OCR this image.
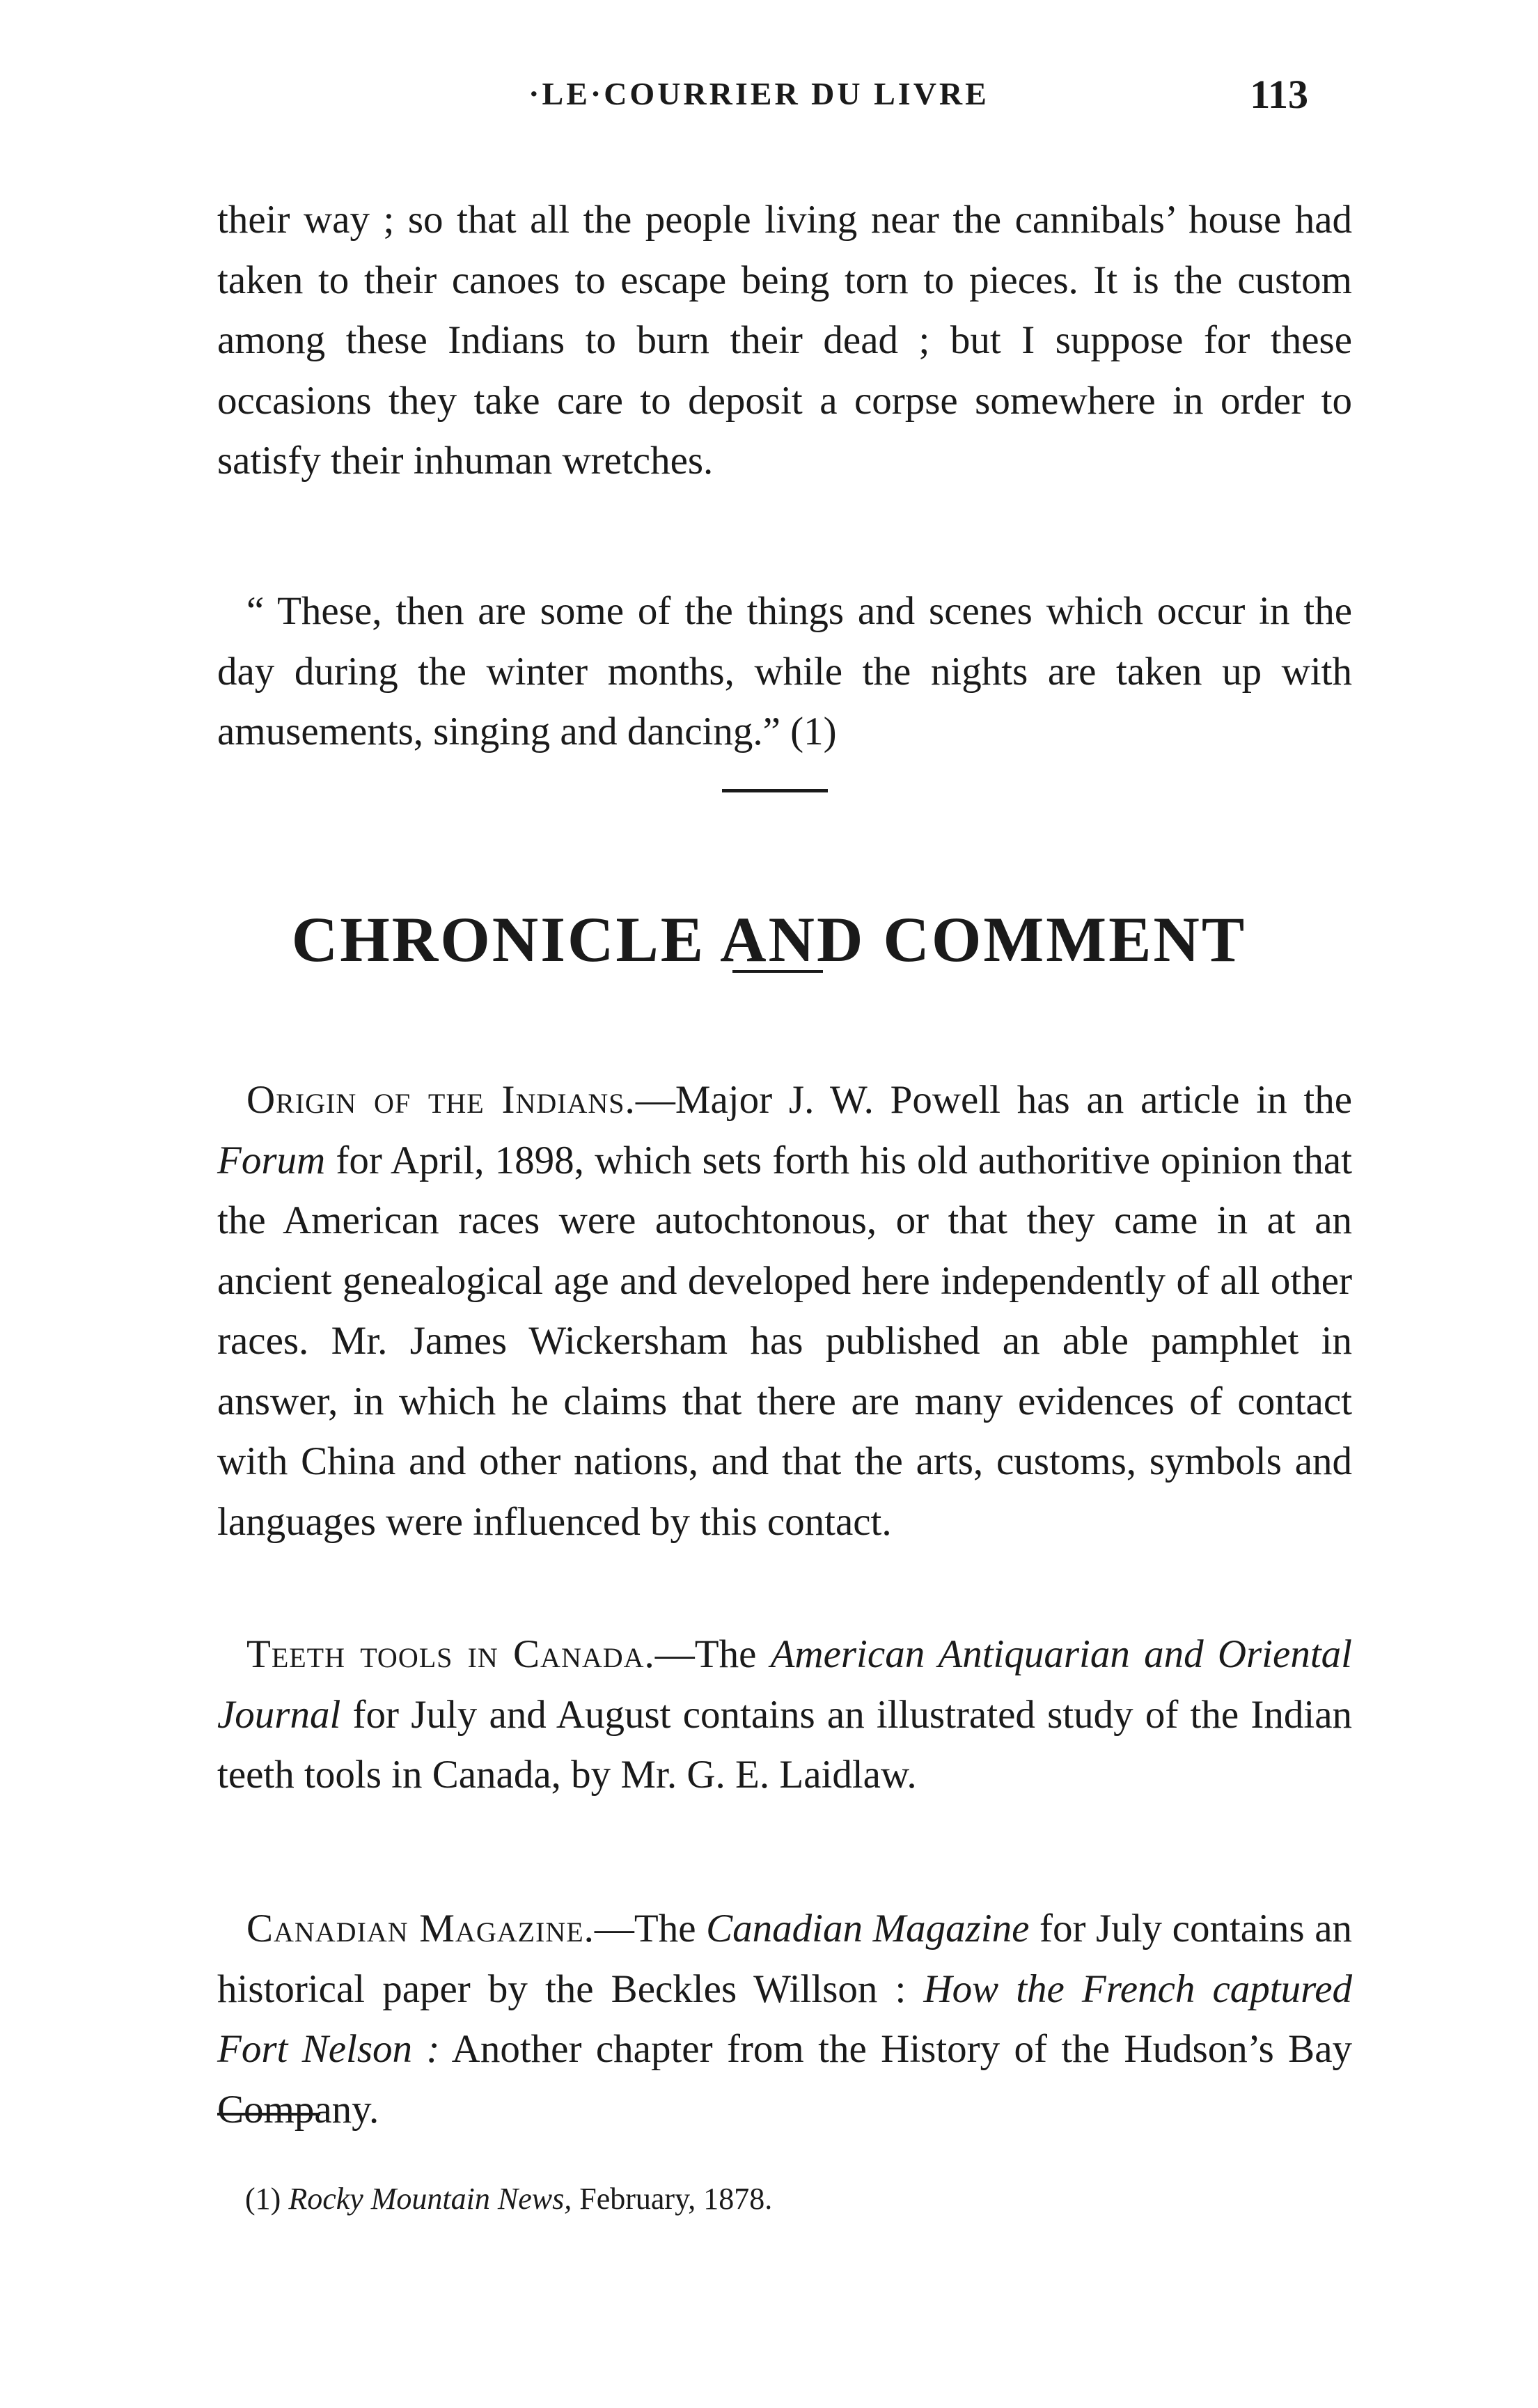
·LE·COURRIER DU LIVRE	113

their way ; so that all the people living near the cannibals’ house had taken to their canoes to escape being torn to pieces. It is the custom among these Indians to burn their dead ; but I suppose for these occasions they take care to deposit a corpse somewhere in order to satisfy their inhuman wretches.

“ These, then are some of the things and scenes which occur in the day during the winter months, while the nights are taken up with amusements, singing and dancing.” (1)

CHRONICLE AND COMMENT

Origin of the Indians.—Major J. W. Powell has an article in the Forum for April, 1898, which sets forth his old authoritive opinion that the American races were autochtonous, or that they came in at an ancient genealogical age and developed here independently of all other races. Mr. James Wickersham has published an able pamphlet in answer, in which he claims that there are many evidences of contact with China and other nations, and that the arts, customs, symbols and languages were influenced by this contact.

Teeth tools in Canada.—The American Antiquarian and Oriental Journal for July and August contains an illustrated study of the Indian teeth tools in Canada, by Mr. G. E. Laidlaw.

Canadian Magazine.—The Canadian Magazine for July contains an historical paper by the Beckles Willson : How the French captured Fort Nelson : Another chapter from the History of the Hudson’s Bay Company.

(1) Rocky Mountain News, February, 1878.
